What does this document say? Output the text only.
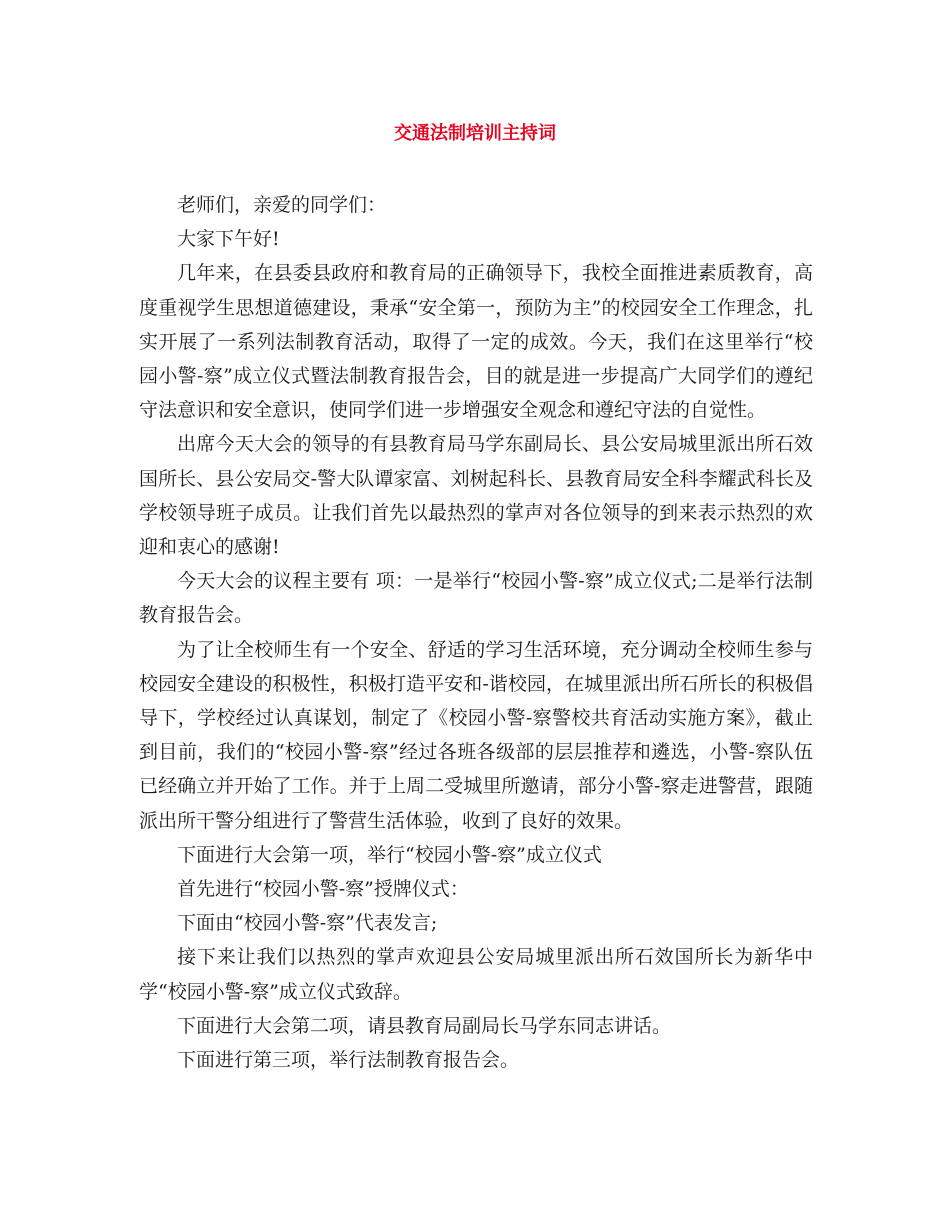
交通法制培训主持词

老师们，亲爱的同学们：

大家下午好!

几年来，在县委县政府和教育局的正确领导下，我校全面推进素质教育，高度重视学生思想道德建设，秉承“安全第一，预防为主”的校园安全工作理念，扎实开展了一系列法制教育活动，取得了一定的成效。今天，我们在这里举行“校园小警-察”成立仪式暨法制教育报告会，目的就是进一步提高广大同学们的遵纪守法意识和安全意识，使同学们进一步增强安全观念和遵纪守法的自觉性。

出席今天大会的领导的有县教育局马学东副局长、县公安局城里派出所石效国所长、县公安局交-警大队谭家富、刘树起科长、县教育局安全科李耀武科长及学校领导班子成员。让我们首先以最热烈的掌声对各位领导的到来表示热烈的欢迎和衷心的感谢!

今天大会的议程主要有 项：一是举行“校园小警-察”成立仪式;二是举行法制教育报告会。

为了让全校师生有一个安全、舒适的学习生活环境，充分调动全校师生参与校园安全建设的积极性，积极打造平安和-谐校园，在城里派出所石所长的积极倡导下，学校经过认真谋划，制定了《校园小警-察警校共育活动实施方案》，截止到目前，我们的“校园小警-察”经过各班各级部的层层推荐和遴选，小警-察队伍已经确立并开始了工作。并于上周二受城里所邀请，部分小警-察走进警营，跟随派出所干警分组进行了警营生活体验，收到了良好的效果。

下面进行大会第一项，举行“校园小警-察”成立仪式

首先进行“校园小警-察”授牌仪式：

下面由“校园小警-察”代表发言;

接下来让我们以热烈的掌声欢迎县公安局城里派出所石效国所长为新华中学“校园小警-察”成立仪式致辞。

下面进行大会第二项，请县教育局副局长马学东同志讲话。

下面进行第三项，举行法制教育报告会。
